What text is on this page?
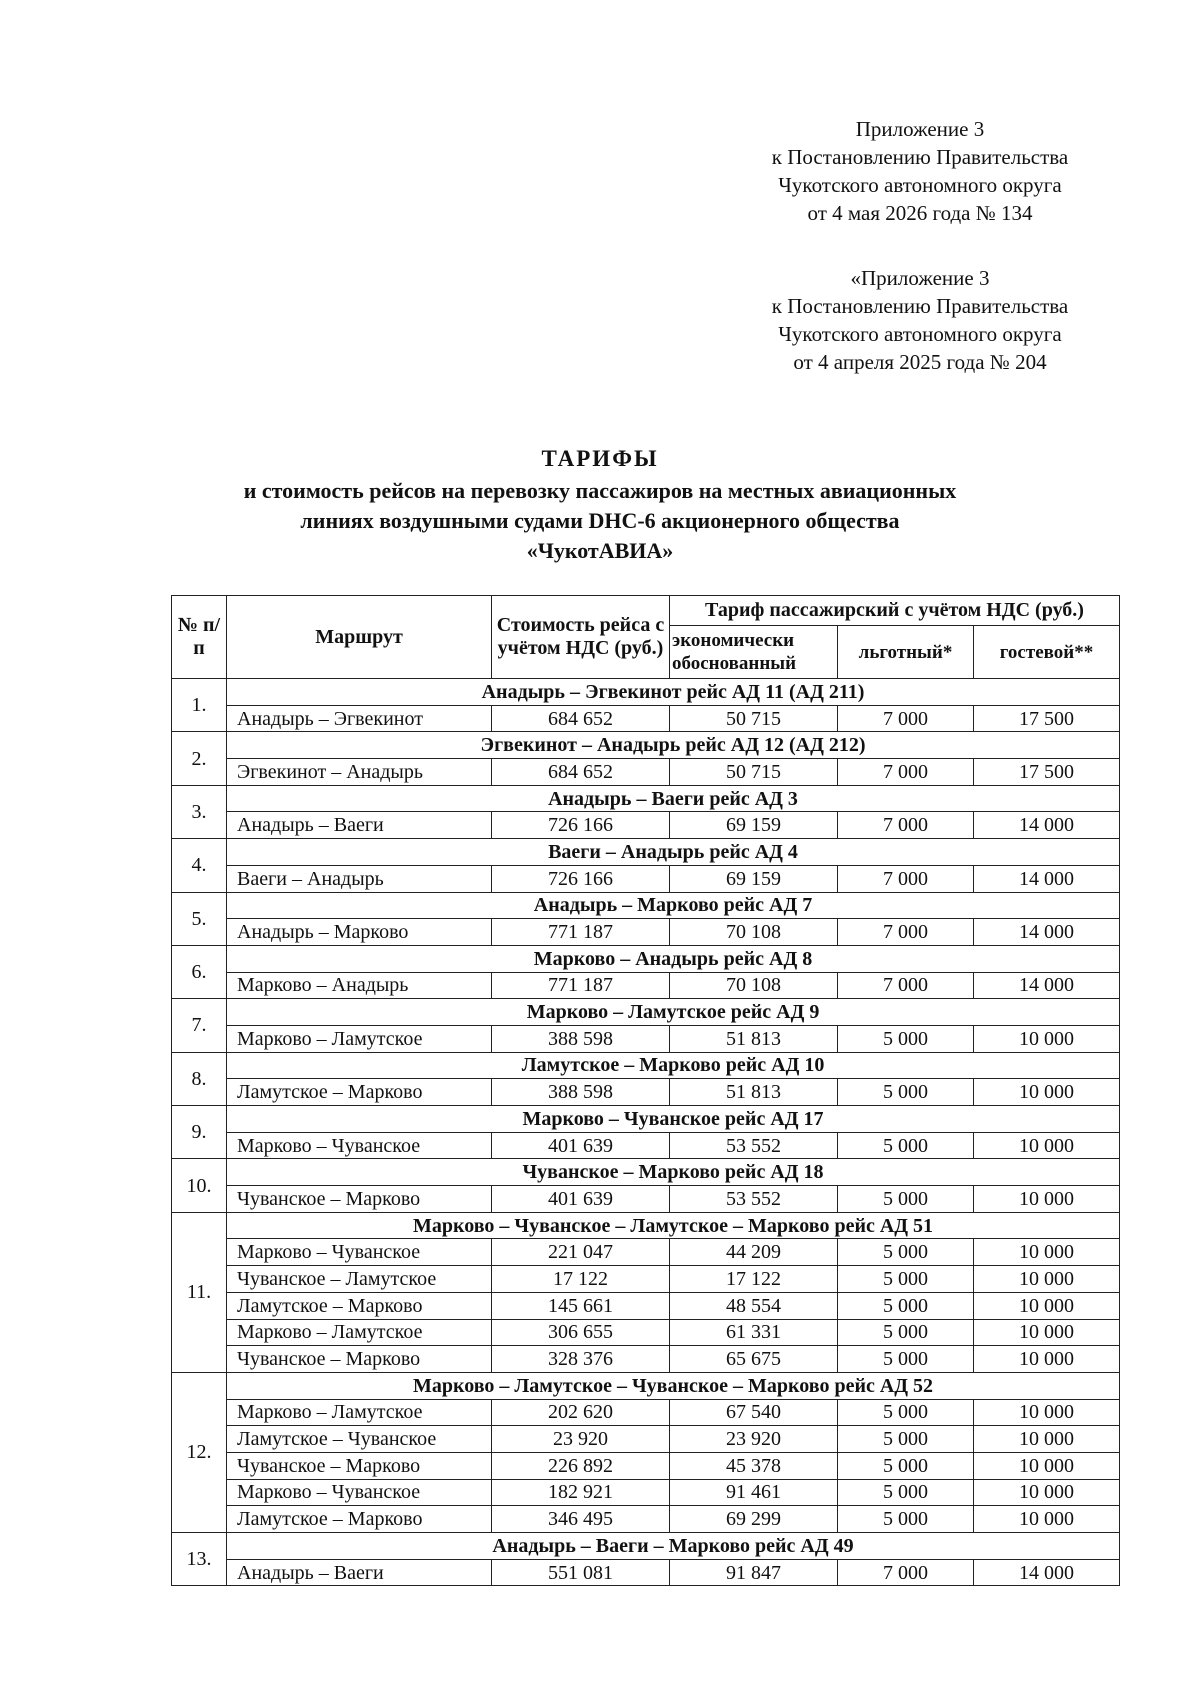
Приложение 3
к Постановлению Правительства
Чукотского автономного округа
от 4 мая 2026 года № 134
«Приложение 3
к Постановлению Правительства
Чукотского автономного округа
от 4 апреля 2025 года № 204
ТАРИФЫ
и стоимость рейсов на перевозку пассажиров на местных авиационных
линиях воздушными судами DHC-6 акционерного общества
«ЧукотАВИА»
№ п/п	Маршрут	Стоимость рейса с учётом НДС (руб.)	Тариф пассажирский с учётом НДС (руб.)		
			экономически обоснованный	льготный*	гостевой**
1.	Анадырь – Эгвекинот рейс АД 11 (АД 211)				
	Анадырь – Эгвекинот	684 652	50 715	7 000	17 500
2.	Эгвекинот – Анадырь рейс АД 12 (АД 212)				
	Эгвекинот – Анадырь	684 652	50 715	7 000	17 500
3.	Анадырь – Ваеги рейс АД 3				
	Анадырь – Ваеги	726 166	69 159	7 000	14 000
4.	Ваеги – Анадырь рейс АД 4				
	Ваеги – Анадырь	726 166	69 159	7 000	14 000
5.	Анадырь – Марково рейс АД 7				
	Анадырь – Марково	771 187	70 108	7 000	14 000
6.	Марково – Анадырь рейс АД 8				
	Марково – Анадырь	771 187	70 108	7 000	14 000
7.	Марково – Ламутское рейс АД 9				
	Марково – Ламутское	388 598	51 813	5 000	10 000
8.	Ламутское – Марково рейс АД 10				
	Ламутское – Марково	388 598	51 813	5 000	10 000
9.	Марково – Чуванское рейс АД 17				
	Марково – Чуванское	401 639	53 552	5 000	10 000
10.	Чуванское – Марково рейс АД 18				
	Чуванское – Марково	401 639	53 552	5 000	10 000
11.	Марково – Чуванское – Ламутское – Марково рейс АД 51				
	Марково – Чуванское	221 047	44 209	5 000	10 000
	Чуванское – Ламутское	17 122	17 122	5 000	10 000
	Ламутское – Марково	145 661	48 554	5 000	10 000
	Марково – Ламутское	306 655	61 331	5 000	10 000
	Чуванское – Марково	328 376	65 675	5 000	10 000
12.	Марково – Ламутское – Чуванское – Марково рейс АД 52				
	Марково – Ламутское	202 620	67 540	5 000	10 000
	Ламутское – Чуванское	23 920	23 920	5 000	10 000
	Чуванское – Марково	226 892	45 378	5 000	10 000
	Марково – Чуванское	182 921	91 461	5 000	10 000
	Ламутское – Марково	346 495	69 299	5 000	10 000
13.	Анадырь – Ваеги – Марково рейс АД 49				
	Анадырь – Ваеги	551 081	91 847	7 000	14 000
